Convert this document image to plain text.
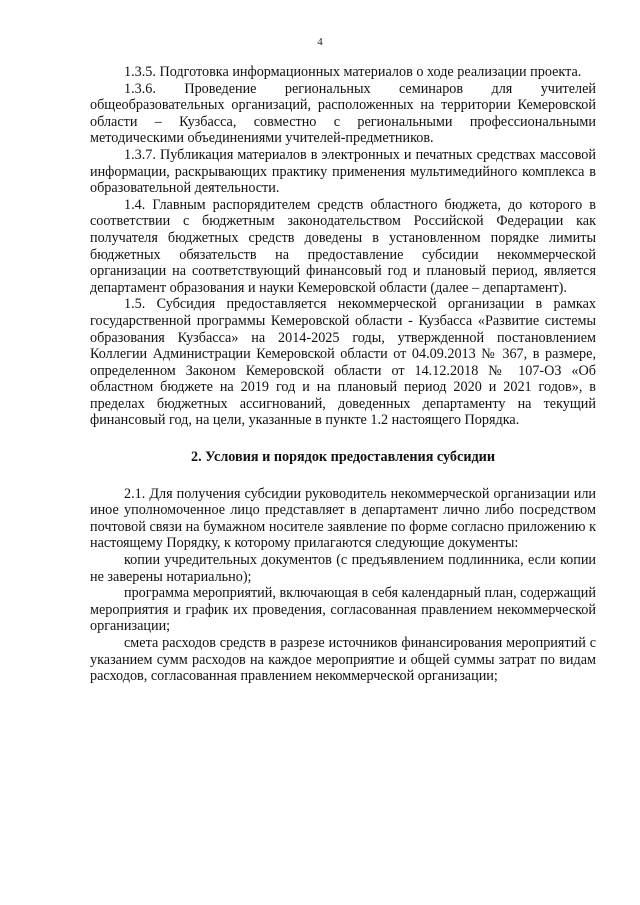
4

1.3.5. Подготовка информационных материалов о ходе реализации проекта.

1.3.6. Проведение региональных семинаров для учителей общеобразовательных организаций, расположенных на территории Кемеровской области – Кузбасса, совместно с региональными профессиональными методическими объединениями учителей-предметников.

1.3.7. Публикация материалов в электронных и печатных средствах массовой информации, раскрывающих практику применения мультимедийного комплекса в образовательной деятельности.

1.4. Главным распорядителем средств областного бюджета, до которого в соответствии с бюджетным законодательством Российской Федерации как получателя бюджетных средств доведены в установленном порядке лимиты бюджетных обязательств на предоставление субсидии некоммерческой организации на соответствующий финансовый год и плановый период, является департамент образования и науки Кемеровской области (далее – департамент).

1.5. Субсидия предоставляется некоммерческой организации в рамках государственной программы Кемеровской области - Кузбасса «Развитие системы образования Кузбасса» на 2014-2025 годы, утвержденной постановлением Коллегии Администрации Кемеровской области от 04.09.2013 № 367, в размере, определенном Законом Кемеровской области от 14.12.2018 № 107-ОЗ «Об областном бюджете на 2019 год и на плановый период 2020 и 2021 годов», в пределах бюджетных ассигнований, доведенных департаменту на текущий финансовый год, на цели, указанные в пункте 1.2 настоящего Порядка.

2. Условия и порядок предоставления субсидии

2.1. Для получения субсидии руководитель некоммерческой организации или иное уполномоченное лицо представляет в департамент лично либо посредством почтовой связи на бумажном носителе заявление по форме согласно приложению к настоящему Порядку, к которому прилагаются следующие документы:

копии учредительных документов (с предъявлением подлинника, если копии не заверены нотариально);

программа мероприятий, включающая в себя календарный план, содержащий мероприятия и график их проведения, согласованная правлением некоммерческой организации;

смета расходов средств в разрезе источников финансирования мероприятий с указанием сумм расходов на каждое мероприятие и общей суммы затрат по видам расходов, согласованная правлением некоммерческой организации;
